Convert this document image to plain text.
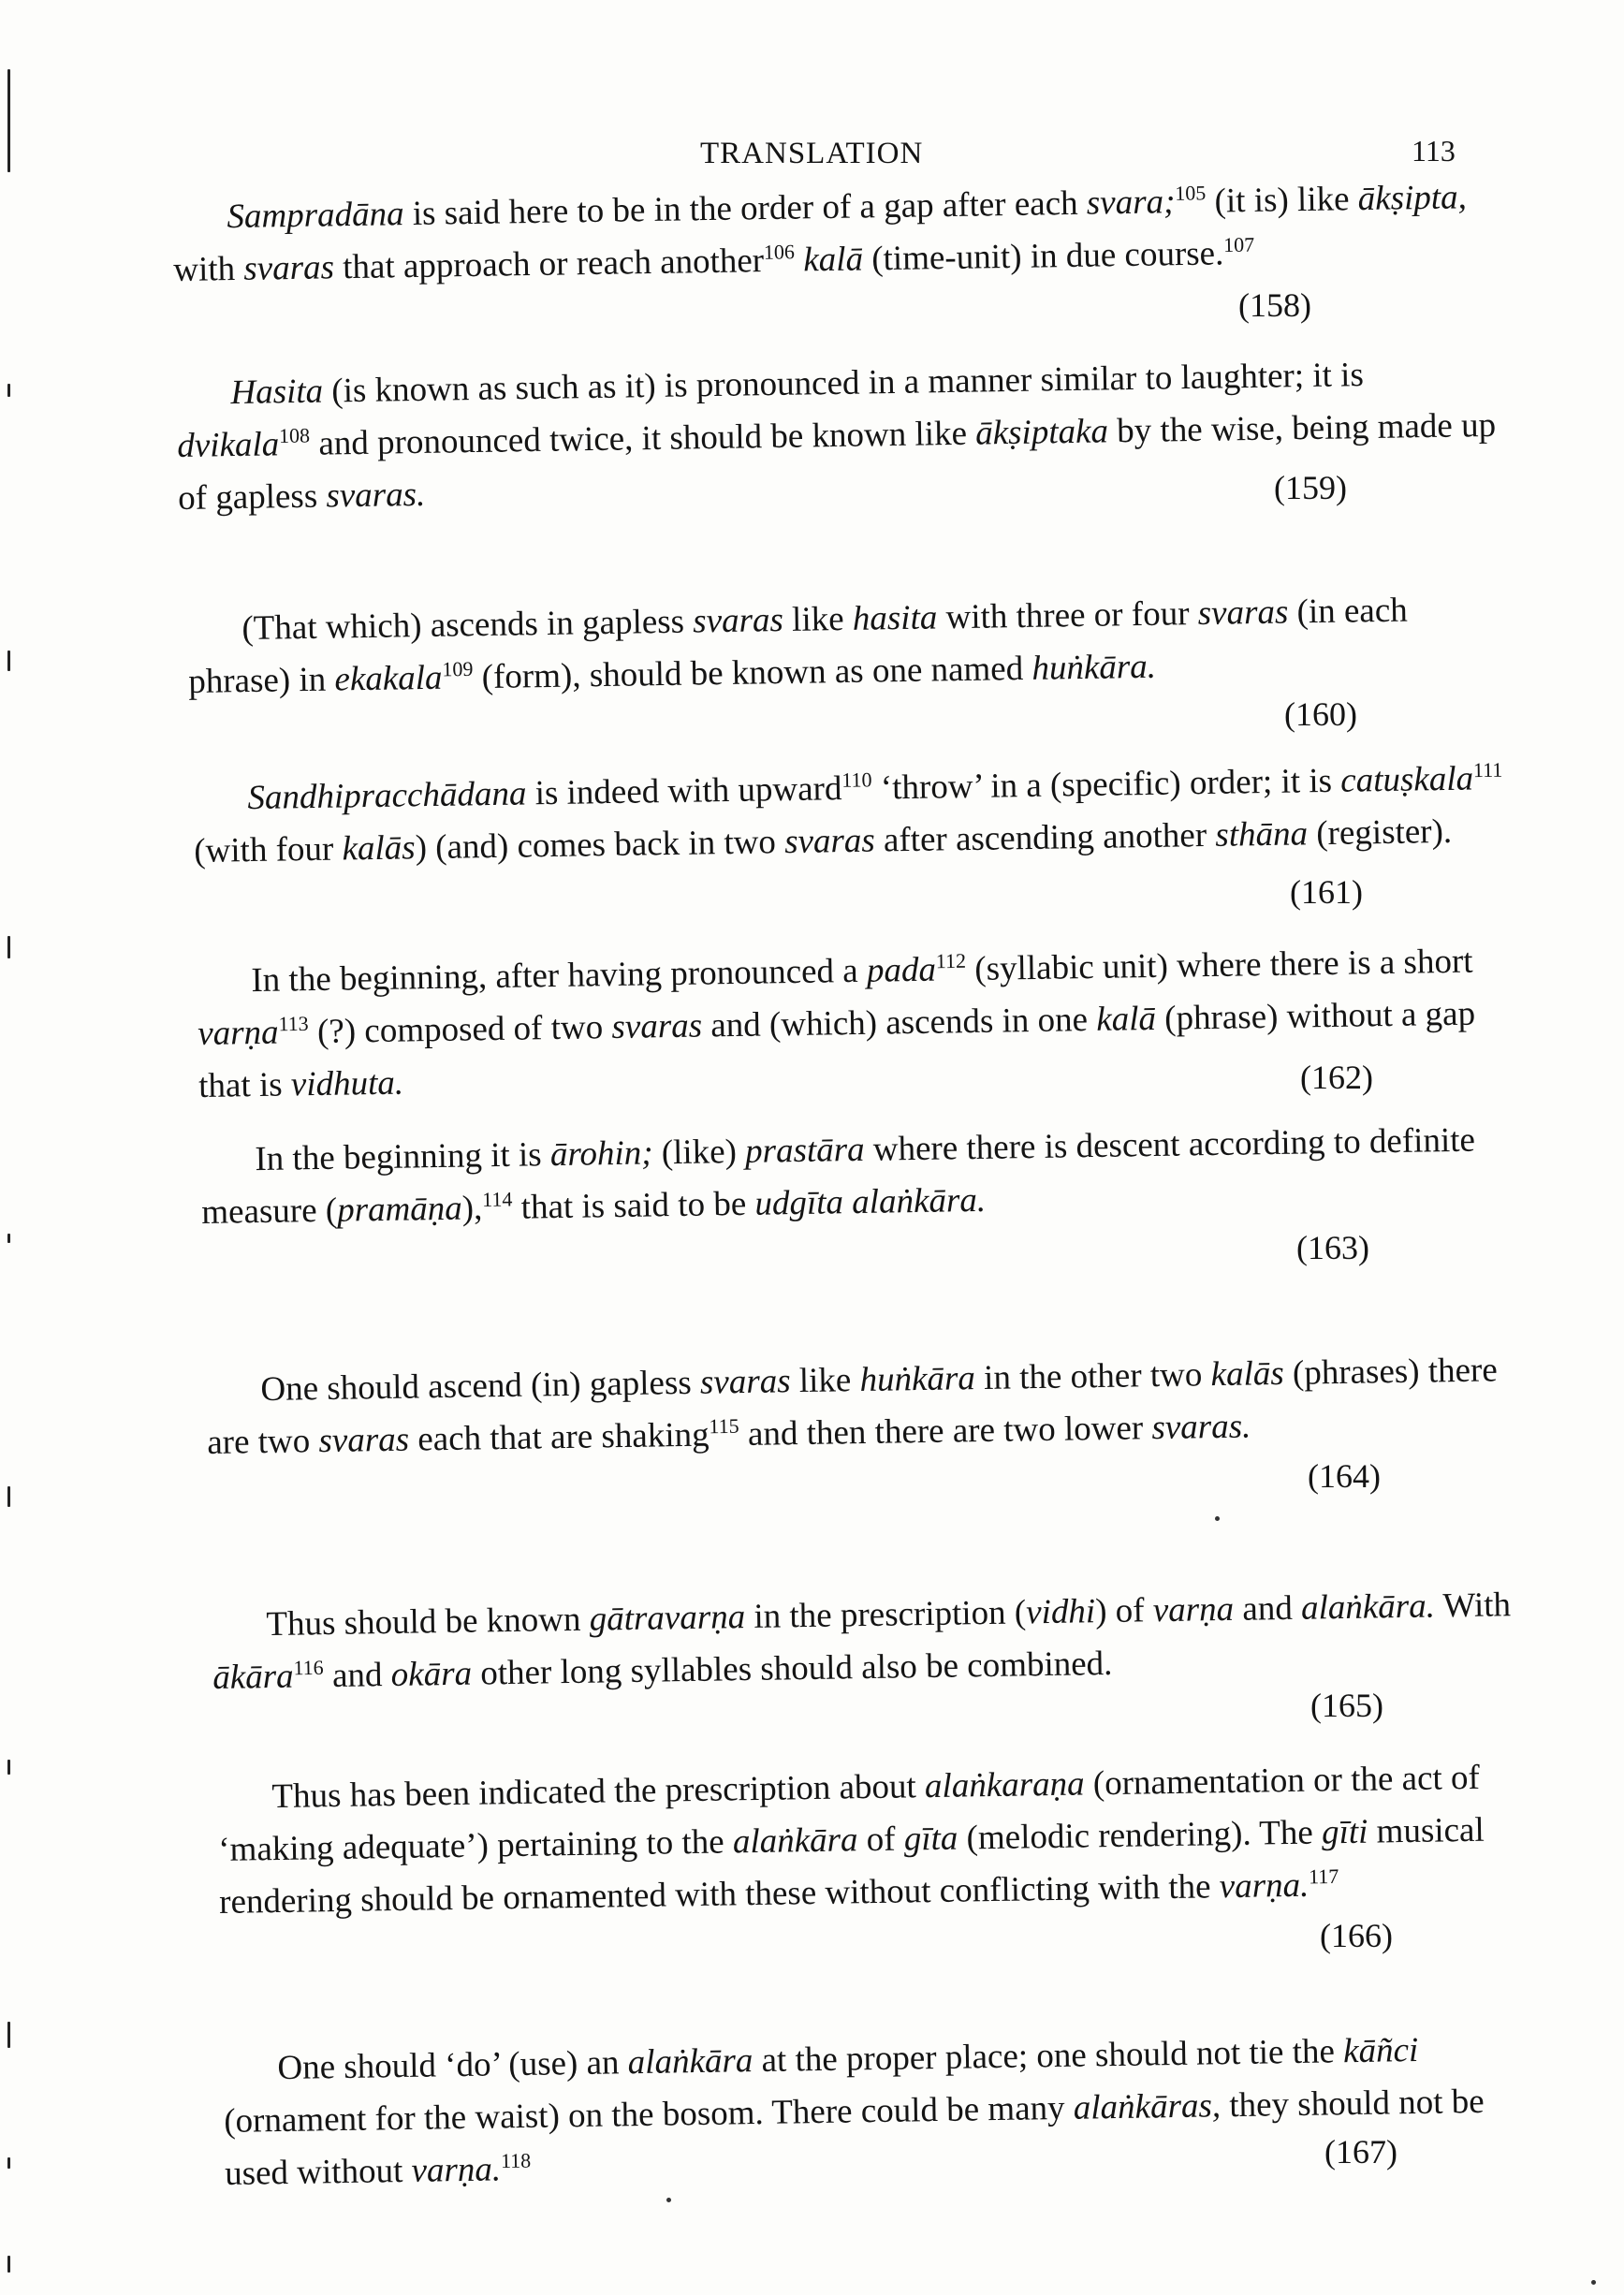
TRANSLATION	113

Sampradāna is said here to be in the order of a gap after each svara;$^{105}$ (it is) like ākṣipta, with svaras that approach or reach another$^{106}$ kalā (time-unit) in due course.$^{107}$

(158)

Hasita (is known as such as it) is pronounced in a manner similar to laughter; it is dvikala$^{108}$ and pronounced twice, it should be known like ākṣiptaka by the wise, being made up of gapless svaras.	(159)

(That which) ascends in gapless svaras like hasita with three or four svaras (in each phrase) in ekakala$^{109}$ (form), should be known as one named huṅkāra.

(160)

Sandhipracchādana is indeed with upward$^{110}$ ‘throw’ in a (specific) order; it is catuṣkala$^{111}$ (with four kalās) (and) comes back in two svaras after ascending another sthāna (register).

(161)

In the beginning, after having pronounced a pada$^{112}$ (syllabic unit) where there is a short varṇa$^{113}$ (?) composed of two svaras and (which) ascends in one kalā (phrase) without a gap that is vidhuta.	(162)

In the beginning it is ārohin; (like) prastāra where there is descent according to definite measure (pramāṇa),$^{114}$ that is said to be udgīta alaṅkāra.

(163)

One should ascend (in) gapless svaras like huṅkāra in the other two kalās (phrases) there are two svaras each that are shaking$^{115}$ and then there are two lower svaras.

(164)

Thus should be known gātravarṇa in the prescription (vidhi) of varṇa and alaṅkāra. With ākāra$^{116}$ and okāra other long syllables should also be combined.

(165)

Thus has been indicated the prescription about alaṅkaraṇa (ornamentation or the act of ‘making adequate’) pertaining to the alaṅkāra of gīta (melodic rendering). The gīti musical rendering should be ornamented with these without conflicting with the varṇa.$^{117}$

(166)

One should ‘do’ (use) an alaṅkāra at the proper place; one should not tie the kāñci (ornament for the waist) on the bosom. There could be many alaṅkāras, they should not be used without varṇa.$^{118}$	(167)
